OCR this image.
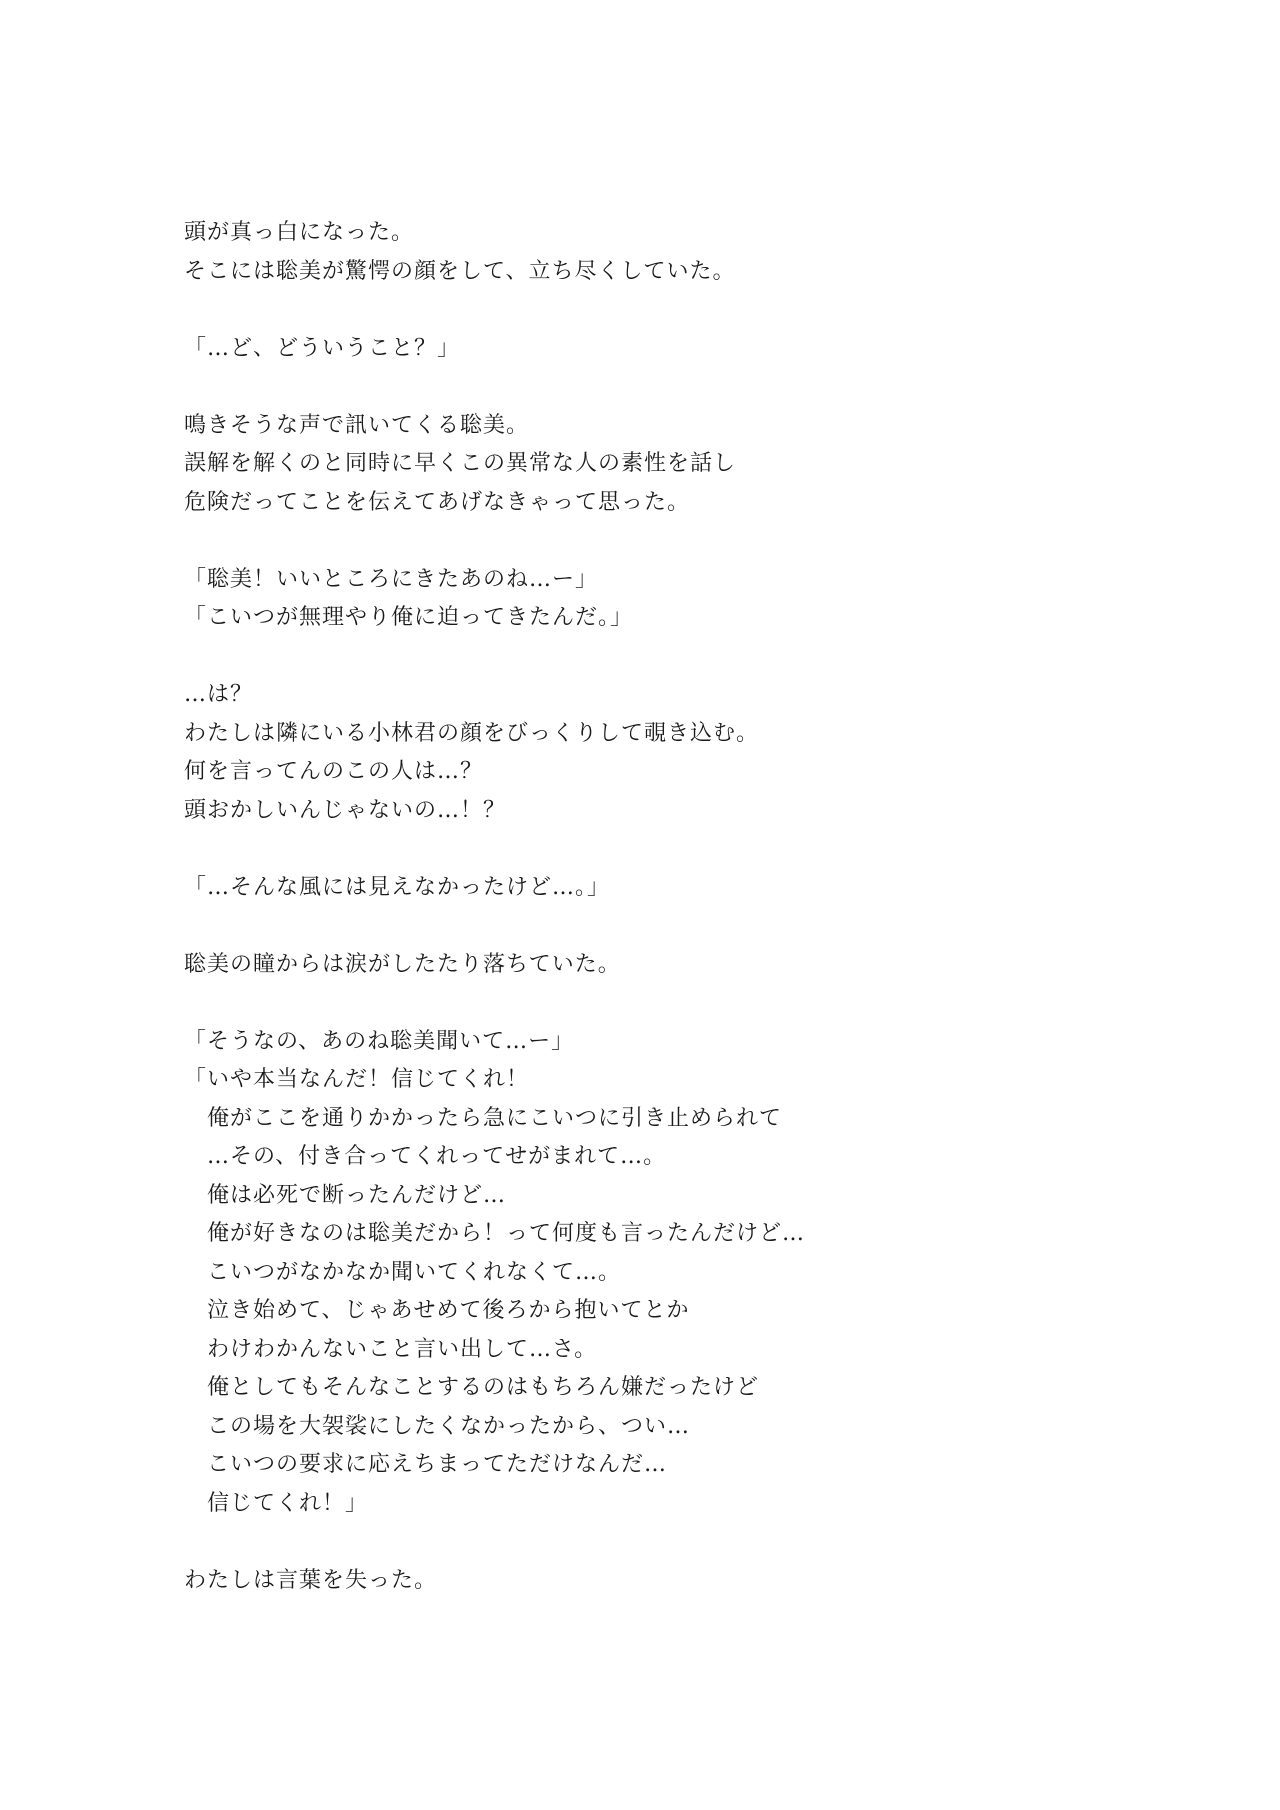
頭が真っ白になった。
そこには聡美が驚愕の顔をして、立ち尽くしていた。
「…ど、どういうこと？」
鳴きそうな声で訊いてくる聡美。
誤解を解くのと同時に早くこの異常な人の素性を話し
危険だってことを伝えてあげなきゃって思った。
「聡美！いいところにきたあのね…ー」
「こいつが無理やり俺に迫ってきたんだ。」
…は？
わたしは隣にいる小林君の顔をびっくりして覗き込む。
何を言ってんのこの人は…？
頭おかしいんじゃないの…！？
「…そんな風には見えなかったけど…。」
聡美の瞳からは涙がしたたり落ちていた。
「そうなの、あのね聡美聞いて…ー」
「いや本当なんだ！信じてくれ！
　俺がここを通りかかったら急にこいつに引き止められて
　…その、付き合ってくれってせがまれて…。
　俺は必死で断ったんだけど…
　俺が好きなのは聡美だから！って何度も言ったんだけど…
　こいつがなかなか聞いてくれなくて…。
　泣き始めて、じゃあせめて後ろから抱いてとか
　わけわかんないこと言い出して…さ。
　俺としてもそんなことするのはもちろん嫌だったけど
　この場を大袈裟にしたくなかったから、つい…
　こいつの要求に応えちまってただけなんだ…
　信じてくれ！」
わたしは言葉を失った。
